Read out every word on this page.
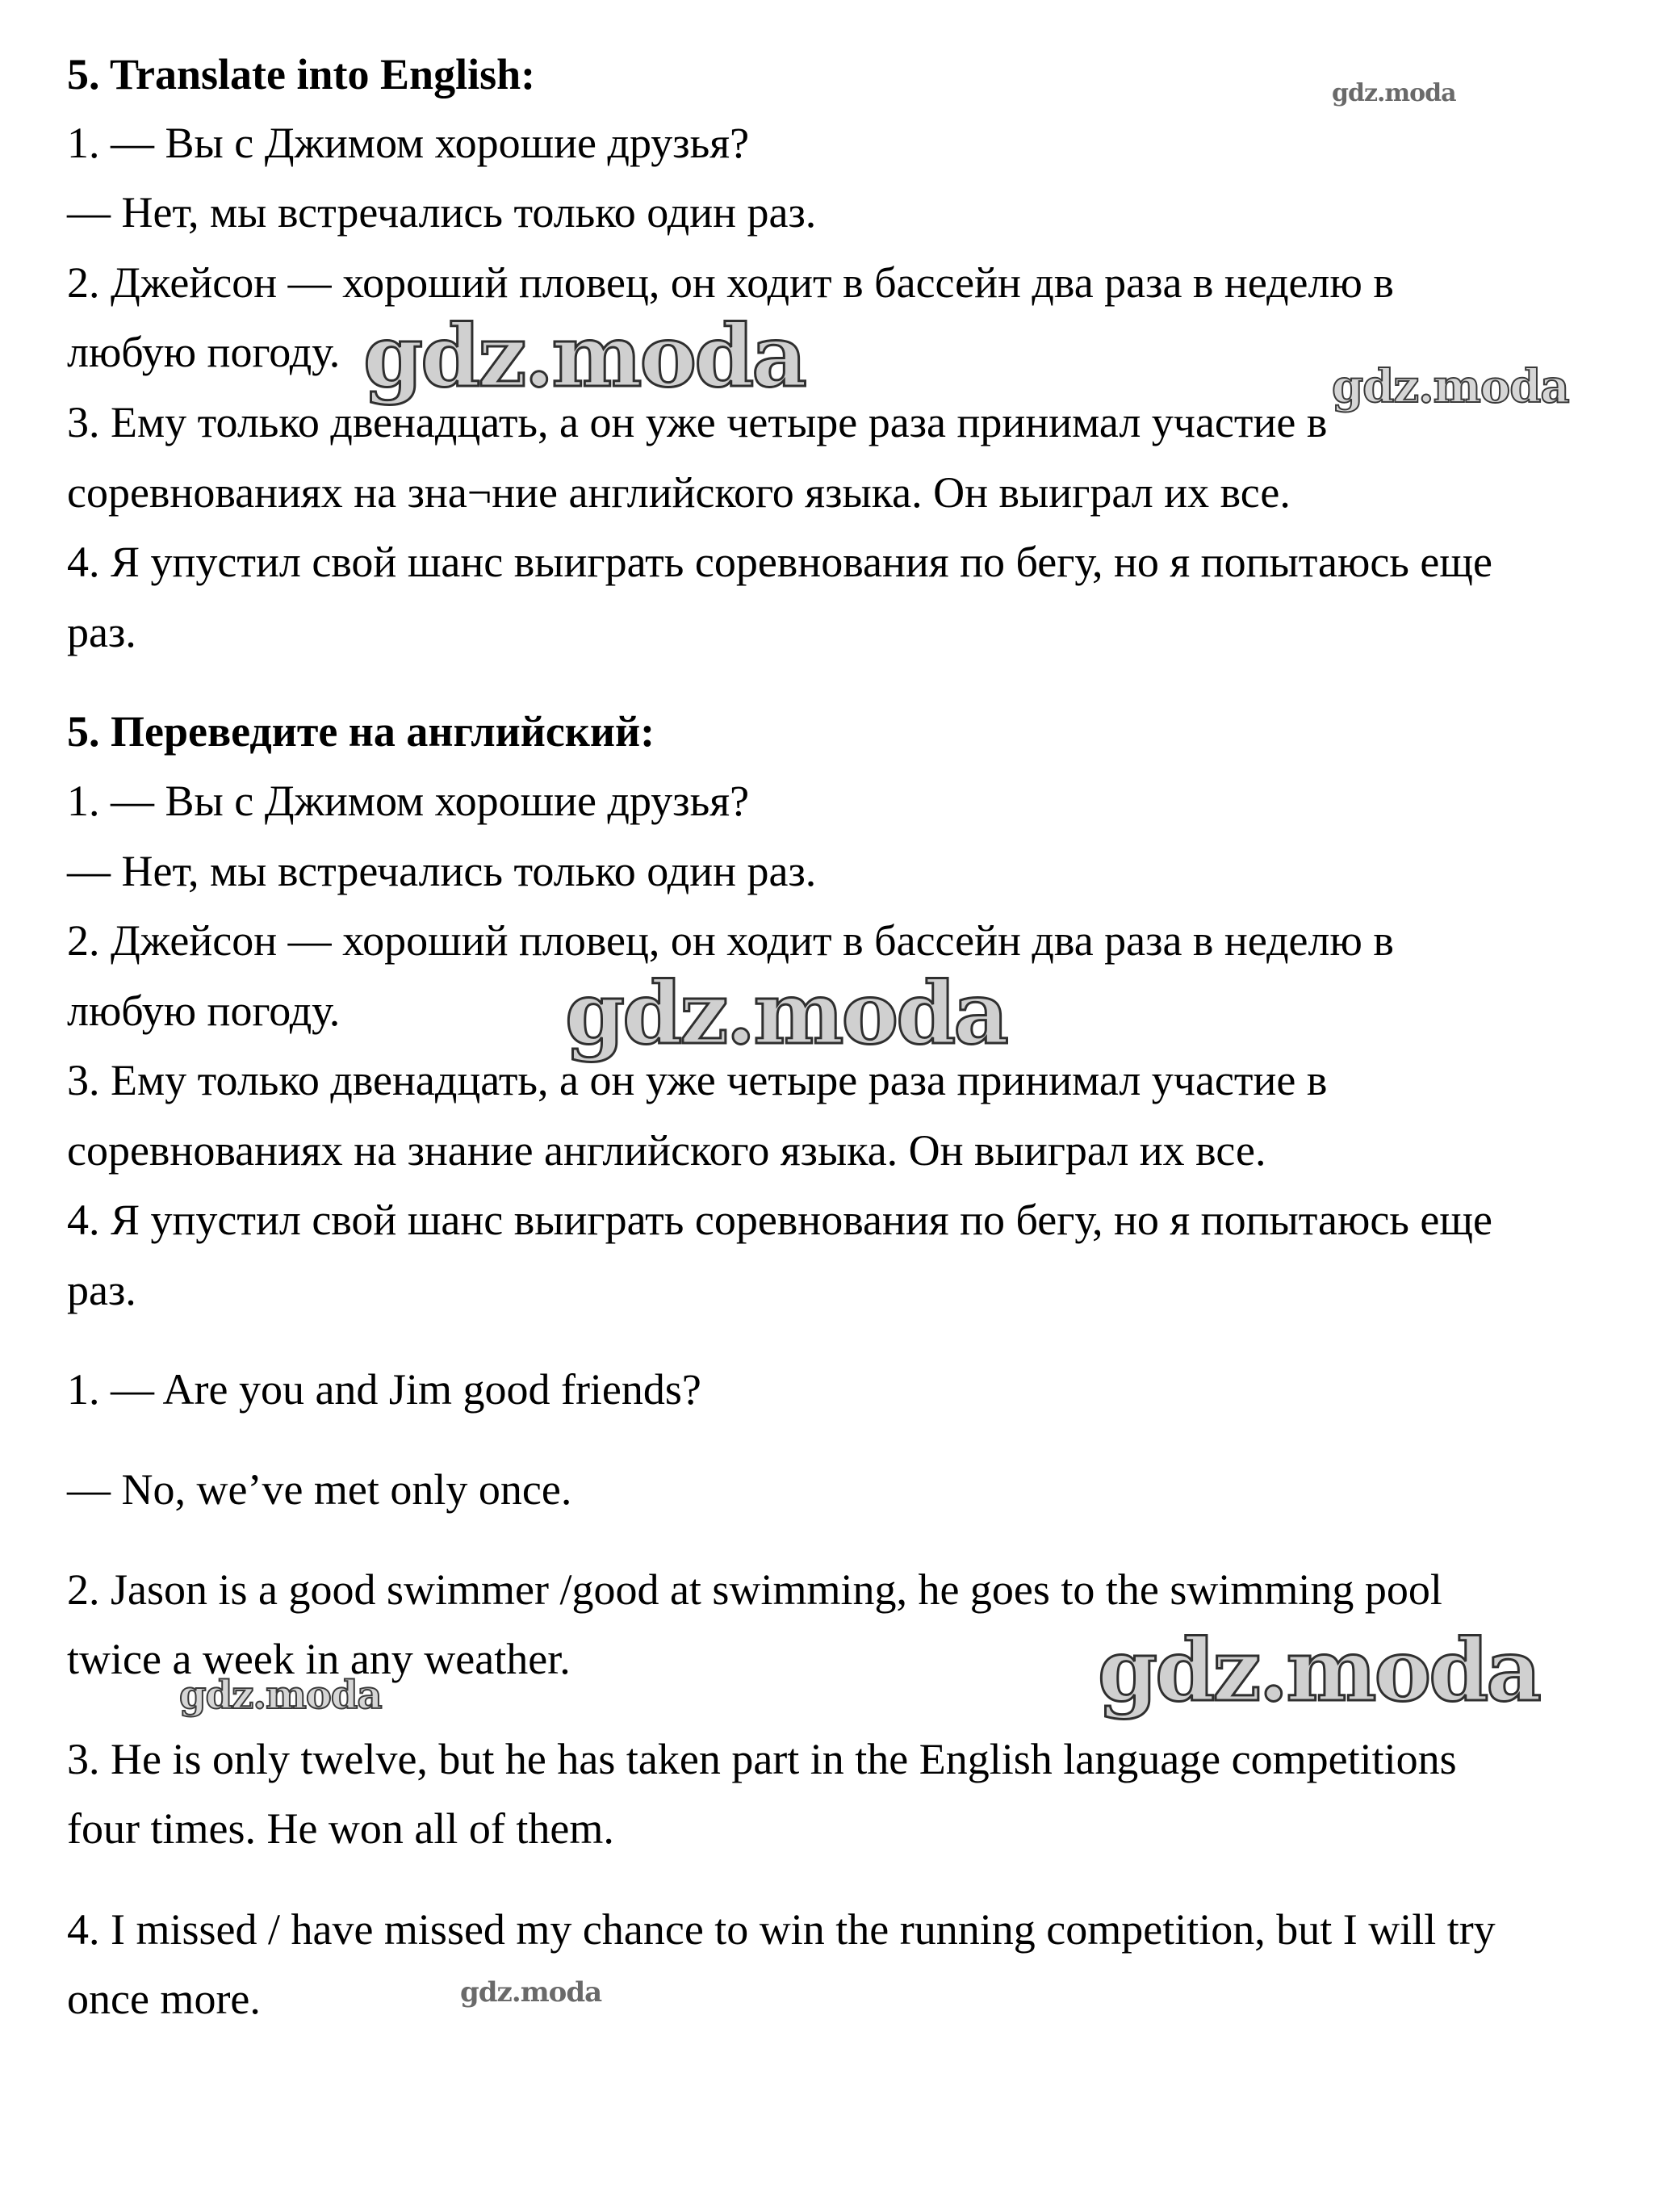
5. Translate into English:
1. — Вы с Джимом хорошие друзья?
— Нет, мы встречались только один раз.
2. Джейсон — хороший пловец, он ходит в бассейн два раза в неделю в
любую погоду.
3. Ему только двенадцать, а он уже четыре раза принимал участие в
соревнованиях на зна¬ние английского языка. Он выиграл их все.
4. Я упустил свой шанс выиграть соревнования по бегу, но я попытаюсь еще
раз.
5. Переведите на английский:
1. — Вы с Джимом хорошие друзья?
— Нет, мы встречались только один раз.
2. Джейсон — хороший пловец, он ходит в бассейн два раза в неделю в
любую погоду.
3. Ему только двенадцать, а он уже четыре раза принимал участие в
соревнованиях на знание английского языка. Он выиграл их все.
4. Я упустил свой шанс выиграть соревнования по бегу, но я попытаюсь еще
раз.
1. — Are you and Jim good friends?
— No, we’ve met only once.
2. Jason is a good swimmer /good at swimming, he goes to the swimming pool
twice a week in any weather.
3. He is only twelve, but he has taken part in the English language competitions
four times. He won all of them.
4. I missed / have missed my chance to win the running competition, but I will try
once more.
gdz.moda
gdz.moda	gdz.moda
gdz.moda
gdz.moda
gdz.moda
gdz.moda
